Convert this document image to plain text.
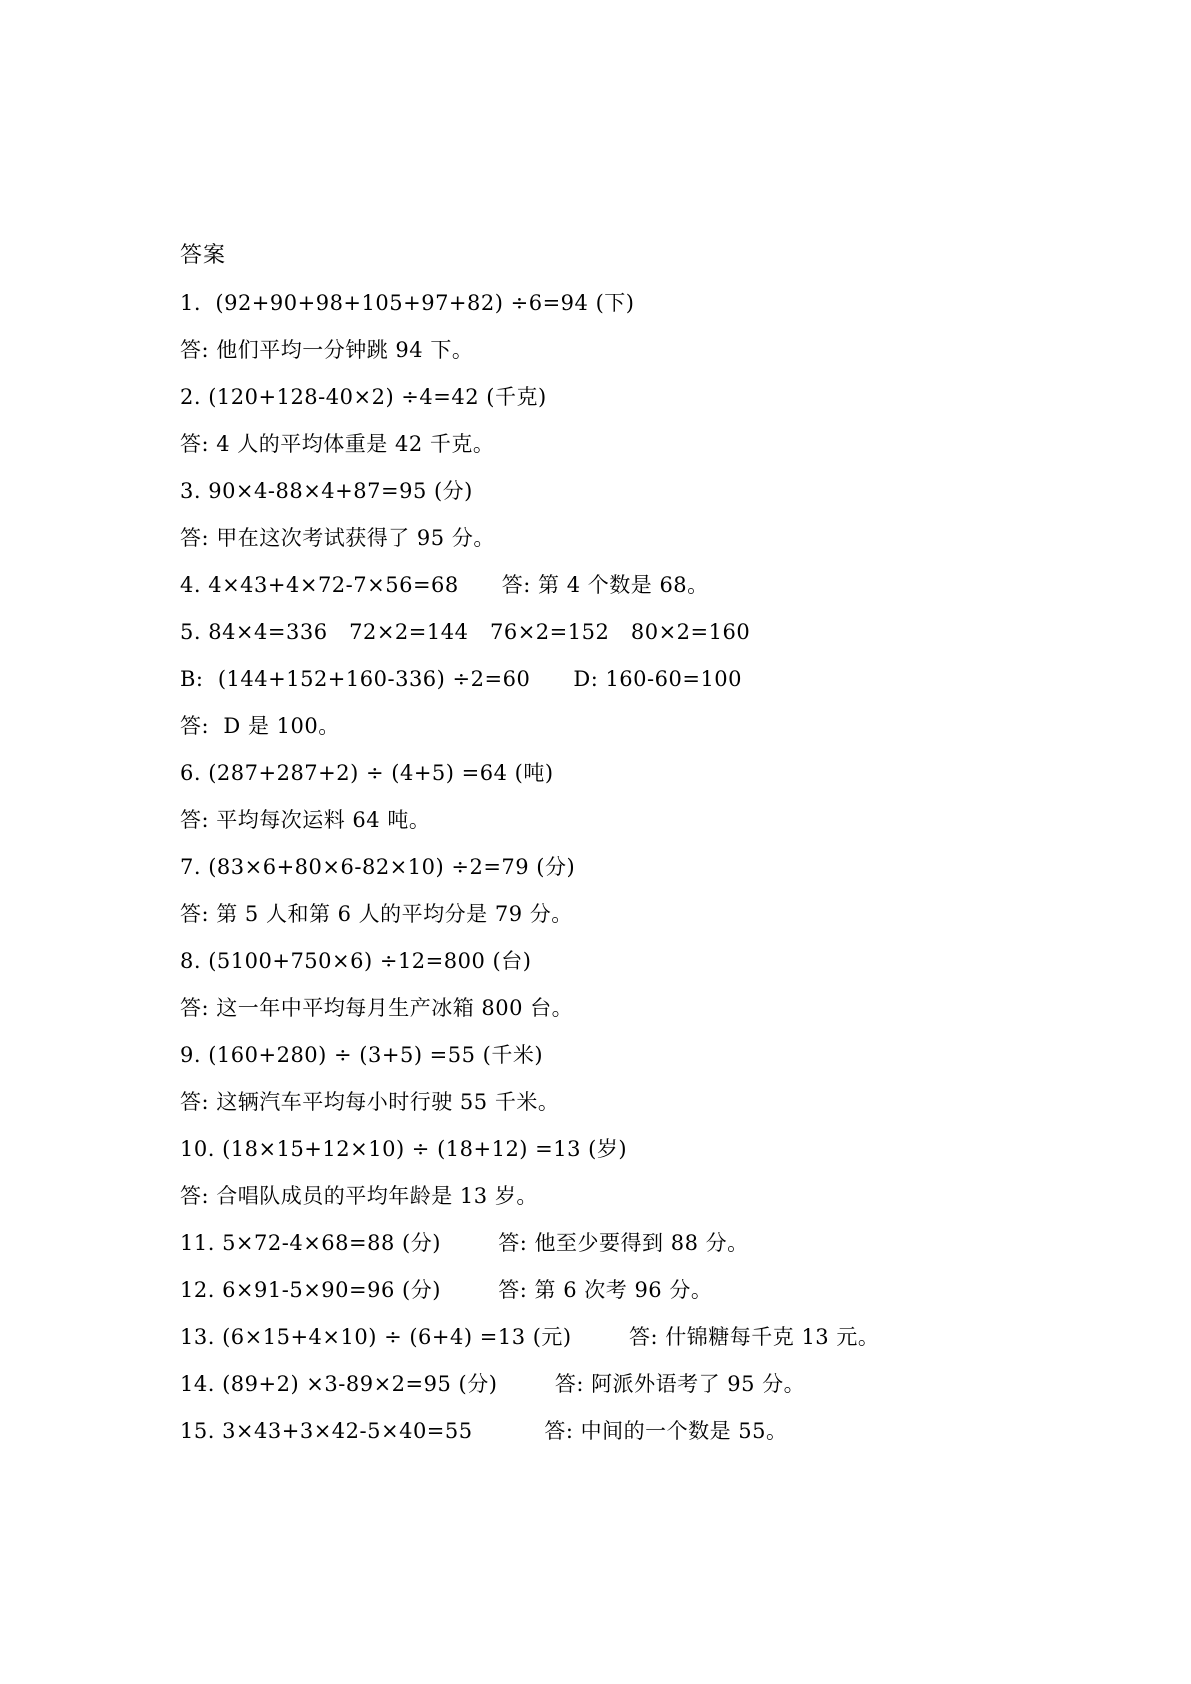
答案
1.  (92+90+98+105+97+82) ÷6=94 (下)
答: 他们平均一分钟跳 94 下。
2. (120+128-40×2) ÷4=42 (千克)
答: 4 人的平均体重是 42 千克。
3. 90×4-88×4+87=95 (分)
答: 甲在这次考试获得了 95 分。
4. 4×43+4×72-7×56=68      答: 第 4 个数是 68。
5. 84×4=336   72×2=144   76×2=152   80×2=160
B:  (144+152+160-336) ÷2=60      D: 160-60=100
答:  D 是 100。
6. (287+287+2) ÷ (4+5) =64 (吨)
答: 平均每次运料 64 吨。
7. (83×6+80×6-82×10) ÷2=79 (分)
答: 第 5 人和第 6 人的平均分是 79 分。
8. (5100+750×6) ÷12=800 (台)
答: 这一年中平均每月生产冰箱 800 台。
9. (160+280) ÷ (3+5) =55 (千米)
答: 这辆汽车平均每小时行驶 55 千米。
10. (18×15+12×10) ÷ (18+12) =13 (岁)
答: 合唱队成员的平均年龄是 13 岁。
11. 5×72-4×68=88 (分)        答: 他至少要得到 88 分。
12. 6×91-5×90=96 (分)        答: 第 6 次考 96 分。
13. (6×15+4×10) ÷ (6+4) =13 (元)        答: 什锦糖每千克 13 元。
14. (89+2) ×3-89×2=95 (分)        答: 阿派外语考了 95 分。
15. 3×43+3×42-5×40=55          答: 中间的一个数是 55。
